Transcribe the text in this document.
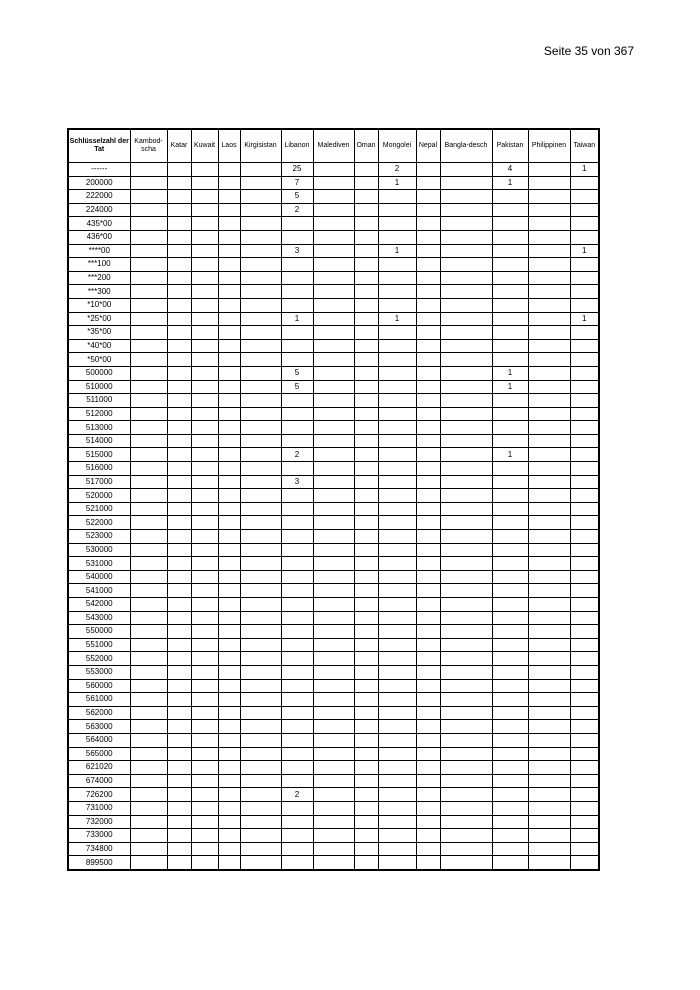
Seite 35 von 367
Schlüsselzahl der Tat	Kambod-scha	Katar	Kuwait	Laos	Kirgisistan	Libanon	Malediven	Oman	Mongolei	Nepal	Bangla-desch	Pakistan	Philippinen	Taiwan
------						25			2			4		1
200000						7			1			1		
222000						5								
224000						2								
435*00														
436*00														
****00						3			1					1
***100														
***200														
***300														
*10*00														
*25*00						1			1					1
*35*00														
*40*00														
*50*00														
500000						5						1		
510000						5						1		
511000														
512000														
513000														
514000														
515000						2						1		
516000														
517000						3								
520000														
521000														
522000														
523000														
530000														
531000														
540000														
541000														
542000														
543000														
550000														
551000														
552000														
553000														
560000														
561000														
562000														
563000														
564000														
565000														
621020														
674000														
726200						2								
731000														
732000														
733000														
734800														
899500														
